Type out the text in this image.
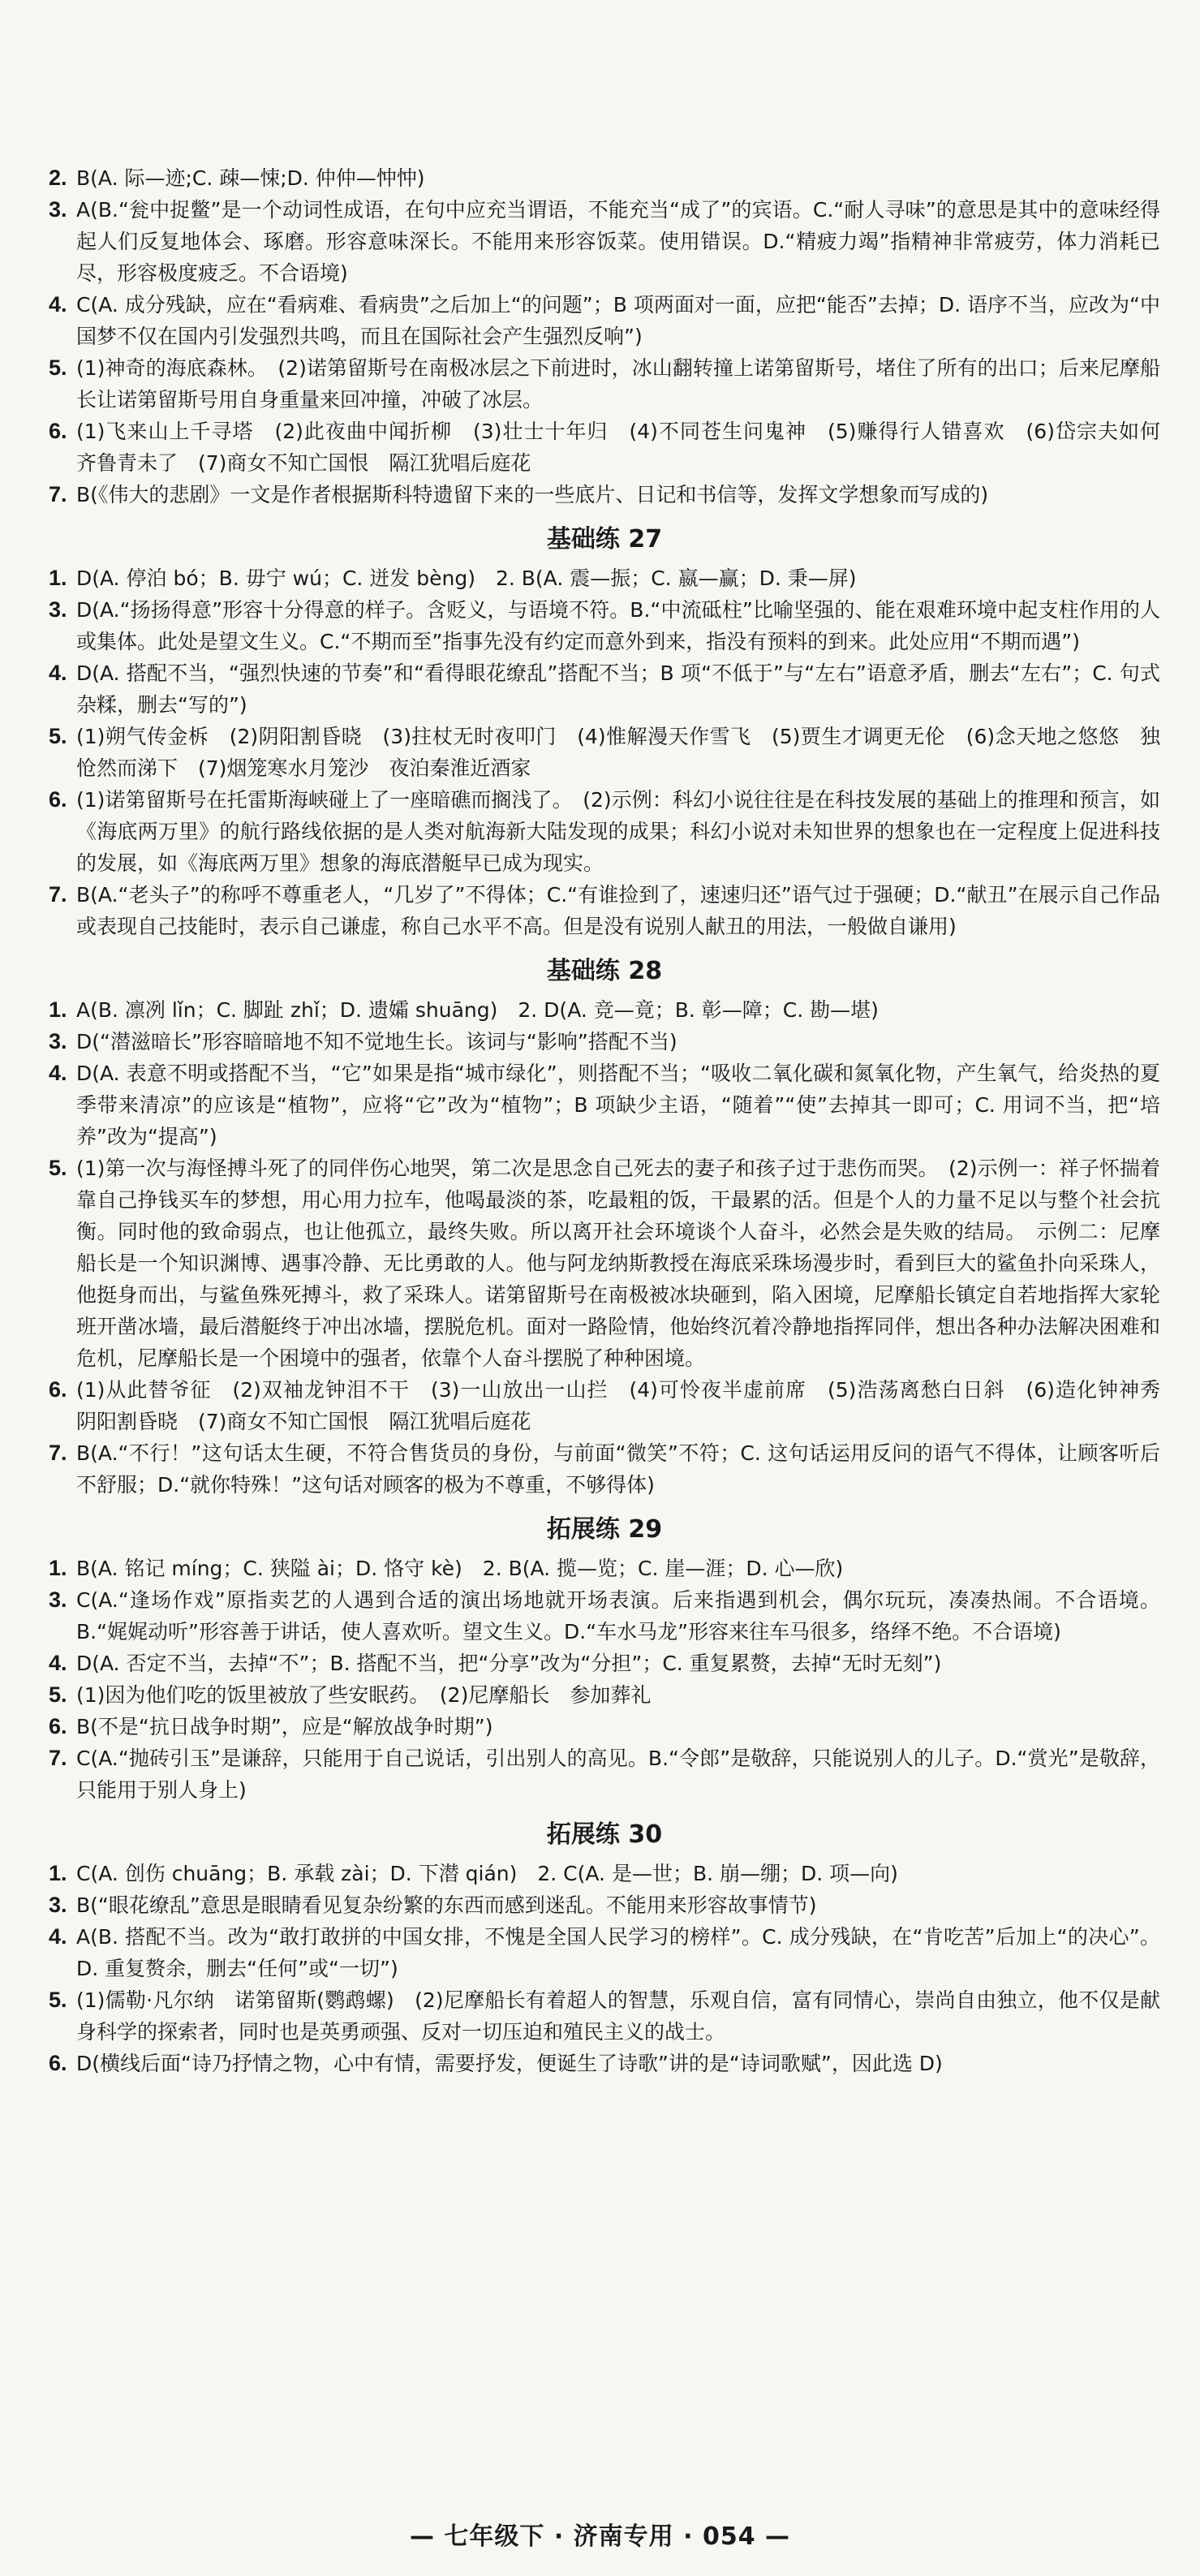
2. B(A. 际—迹;C. 疎—悚;D. 仲仲—忡忡)
3. A(B.“瓮中捉鳖”是一个动词性成语，在句中应充当谓语，不能充当“成了”的宾语。C.“耐人寻味”的意思是其中的意味经得起人们反复地体会、琢磨。形容意味深长。不能用来形容饭菜。使用错误。D.“精疲力竭”指精神非常疲劳，体力消耗已尽，形容极度疲乏。不合语境)
4. C(A. 成分残缺，应在“看病难、看病贵”之后加上“的问题”；B 项两面对一面，应把“能否”去掉；D. 语序不当，应改为“中国梦不仅在国内引发强烈共鸣，而且在国际社会产生强烈反响”)
5. (1)神奇的海底森林。　(2)诺第留斯号在南极冰层之下前进时，冰山翻转撞上诺第留斯号，堵住了所有的出口；后来尼摩船长让诺第留斯号用自身重量来回冲撞，冲破了冰层。
6. (1)飞来山上千寻塔　(2)此夜曲中闻折柳　(3)壮士十年归　(4)不同苍生问鬼神　(5)赚得行人错喜欢　(6)岱宗夫如何　齐鲁青未了　(7)商女不知亡国恨　隔江犹唱后庭花
7. B(《伟大的悲剧》一文是作者根据斯科特遗留下来的一些底片、日记和书信等，发挥文学想象而写成的)
基础练 27
1. D(A. 停泊 bó；B. 毋宁 wú；C. 迸发 bèng)　2. B(A. 震—振；C. 嬴—赢；D. 秉—屏)
3. D(A.“扬扬得意”形容十分得意的样子。含贬义，与语境不符。B.“中流砥柱”比喻坚强的、能在艰难环境中起支柱作用的人或集体。此处是望文生义。C.“不期而至”指事先没有约定而意外到来，指没有预料的到来。此处应用“不期而遇”)
4. D(A. 搭配不当，“强烈快速的节奏”和“看得眼花缭乱”搭配不当；B 项“不低于”与“左右”语意矛盾，删去“左右”；C. 句式杂糅，删去“写的”)
5. (1)朔气传金柝　(2)阴阳割昏晓　(3)拄杖无时夜叩门　(4)惟解漫天作雪飞　(5)贾生才调更无伦　(6)念天地之悠悠　独怆然而涕下　(7)烟笼寒水月笼沙　夜泊秦淮近酒家
6. (1)诺第留斯号在托雷斯海峡碰上了一座暗礁而搁浅了。　(2)示例：科幻小说往往是在科技发展的基础上的推理和预言，如《海底两万里》的航行路线依据的是人类对航海新大陆发现的成果；科幻小说对未知世界的想象也在一定程度上促进科技的发展，如《海底两万里》想象的海底潜艇早已成为现实。
7. B(A.“老头子”的称呼不尊重老人，“几岁了”不得体；C.“有谁捡到了，速速归还”语气过于强硬；D.“献丑”在展示自己作品或表现自己技能时，表示自己谦虚，称自己水平不高。但是没有说别人献丑的用法，一般做自谦用)
基础练 28
1. A(B. 凛冽 lǐn；C. 脚趾 zhǐ；D. 遗孀 shuāng)　2. D(A. 竞—竟；B. 彰—障；C. 勘—堪)
3. D(“潜滋暗长”形容暗暗地不知不觉地生长。该词与“影响”搭配不当)
4. D(A. 表意不明或搭配不当，“它”如果是指“城市绿化”，则搭配不当；“吸收二氧化碳和氮氧化物，产生氧气，给炎热的夏季带来清凉”的应该是“植物”，应将“它”改为“植物”；B 项缺少主语，“随着”“使”去掉其一即可；C. 用词不当，把“培养”改为“提高”)
5. (1)第一次与海怪搏斗死了的同伴伤心地哭，第二次是思念自己死去的妻子和孩子过于悲伤而哭。　(2)示例一：祥子怀揣着靠自己挣钱买车的梦想，用心用力拉车，他喝最淡的茶，吃最粗的饭，干最累的活。但是个人的力量不足以与整个社会抗衡。同时他的致命弱点，也让他孤立，最终失败。所以离开社会环境谈个人奋斗，必然会是失败的结局。　示例二：尼摩船长是一个知识渊博、遇事冷静、无比勇敢的人。他与阿龙纳斯教授在海底采珠场漫步时，看到巨大的鲨鱼扑向采珠人，他挺身而出，与鲨鱼殊死搏斗，救了采珠人。诺第留斯号在南极被冰块砸到，陷入困境，尼摩船长镇定自若地指挥大家轮班开凿冰墙，最后潜艇终于冲出冰墙，摆脱危机。面对一路险情，他始终沉着冷静地指挥同伴，想出各种办法解决困难和危机，尼摩船长是一个困境中的强者，依靠个人奋斗摆脱了种种困境。
6. (1)从此替爷征　(2)双袖龙钟泪不干　(3)一山放出一山拦　(4)可怜夜半虚前席　(5)浩荡离愁白日斜　(6)造化钟神秀　阴阳割昏晓　(7)商女不知亡国恨　隔江犹唱后庭花
7. B(A.“不行！”这句话太生硬，不符合售货员的身份，与前面“微笑”不符；C. 这句话运用反问的语气不得体，让顾客听后不舒服；D.“就你特殊！”这句话对顾客的极为不尊重，不够得体)
拓展练 29
1. B(A. 铭记 míng；C. 狭隘 ài；D. 恪守 kè)　2. B(A. 揽—览；C. 崖—涯；D. 心—欣)
3. C(A.“逢场作戏”原指卖艺的人遇到合适的演出场地就开场表演。后来指遇到机会，偶尔玩玩，凑凑热闹。不合语境。B.“娓娓动听”形容善于讲话，使人喜欢听。望文生义。D.“车水马龙”形容来往车马很多，络绎不绝。不合语境)
4. D(A. 否定不当，去掉“不”；B. 搭配不当，把“分享”改为“分担”；C. 重复累赘，去掉“无时无刻”)
5. (1)因为他们吃的饭里被放了些安眠药。　(2)尼摩船长　参加葬礼
6. B(不是“抗日战争时期”，应是“解放战争时期”)
7. C(A.“抛砖引玉”是谦辞，只能用于自己说话，引出别人的高见。B.“令郎”是敬辞，只能说别人的儿子。D.“赏光”是敬辞，只能用于别人身上)
拓展练 30
1. C(A. 创伤 chuāng；B. 承载 zài；D. 下潜 qián)　2. C(A. 是—世；B. 崩—绷；D. 项—向)
3. B(“眼花缭乱”意思是眼睛看见复杂纷繁的东西而感到迷乱。不能用来形容故事情节)
4. A(B. 搭配不当。改为“敢打敢拼的中国女排，不愧是全国人民学习的榜样”。C. 成分残缺，在“肯吃苦”后加上“的决心”。D. 重复赘余，删去“任何”或“一切”)
5. (1)儒勒·凡尔纳　诺第留斯(鹦鹉螺)　(2)尼摩船长有着超人的智慧，乐观自信，富有同情心，崇尚自由独立，他不仅是献身科学的探索者，同时也是英勇顽强、反对一切压迫和殖民主义的战士。
6. D(横线后面“诗乃抒情之物，心中有情，需要抒发，便诞生了诗歌”讲的是“诗词歌赋”，因此选 D)
— 七年级下 · 济南专用 · 054 —
